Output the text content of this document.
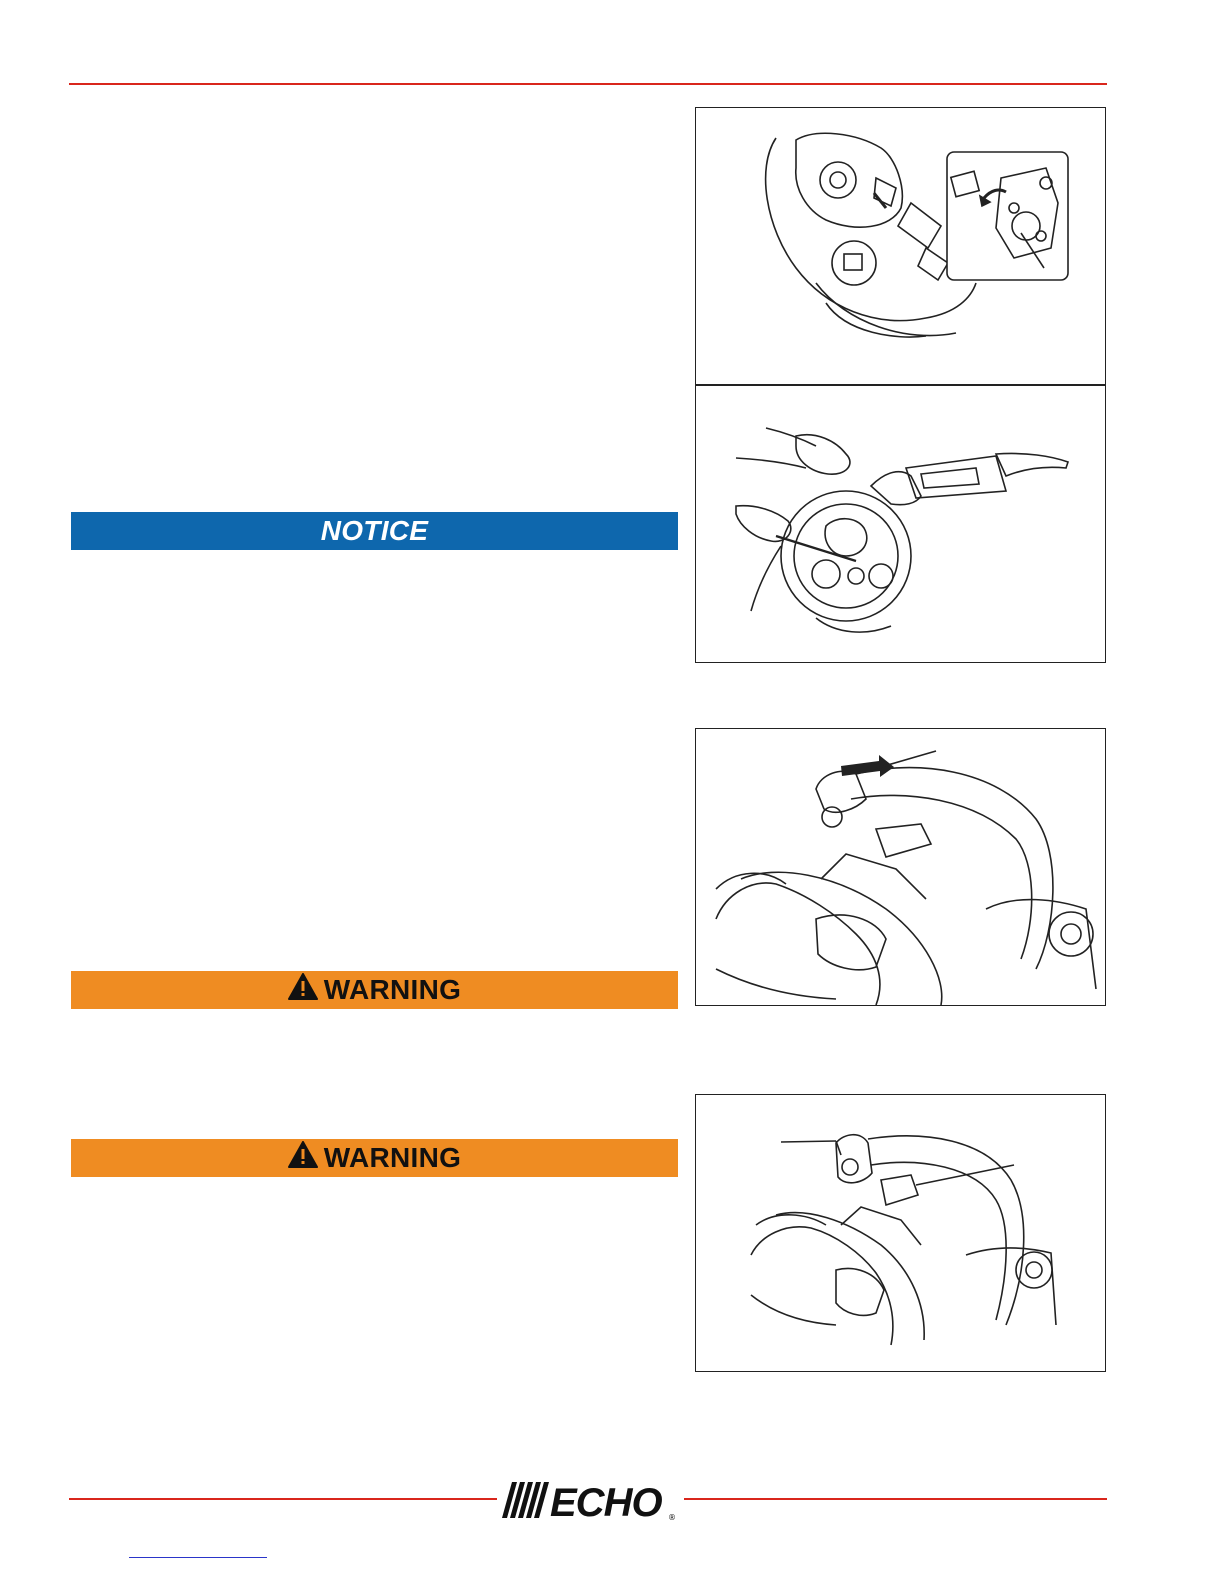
NOTICE
WARNING
WARNING
ECHO ®
